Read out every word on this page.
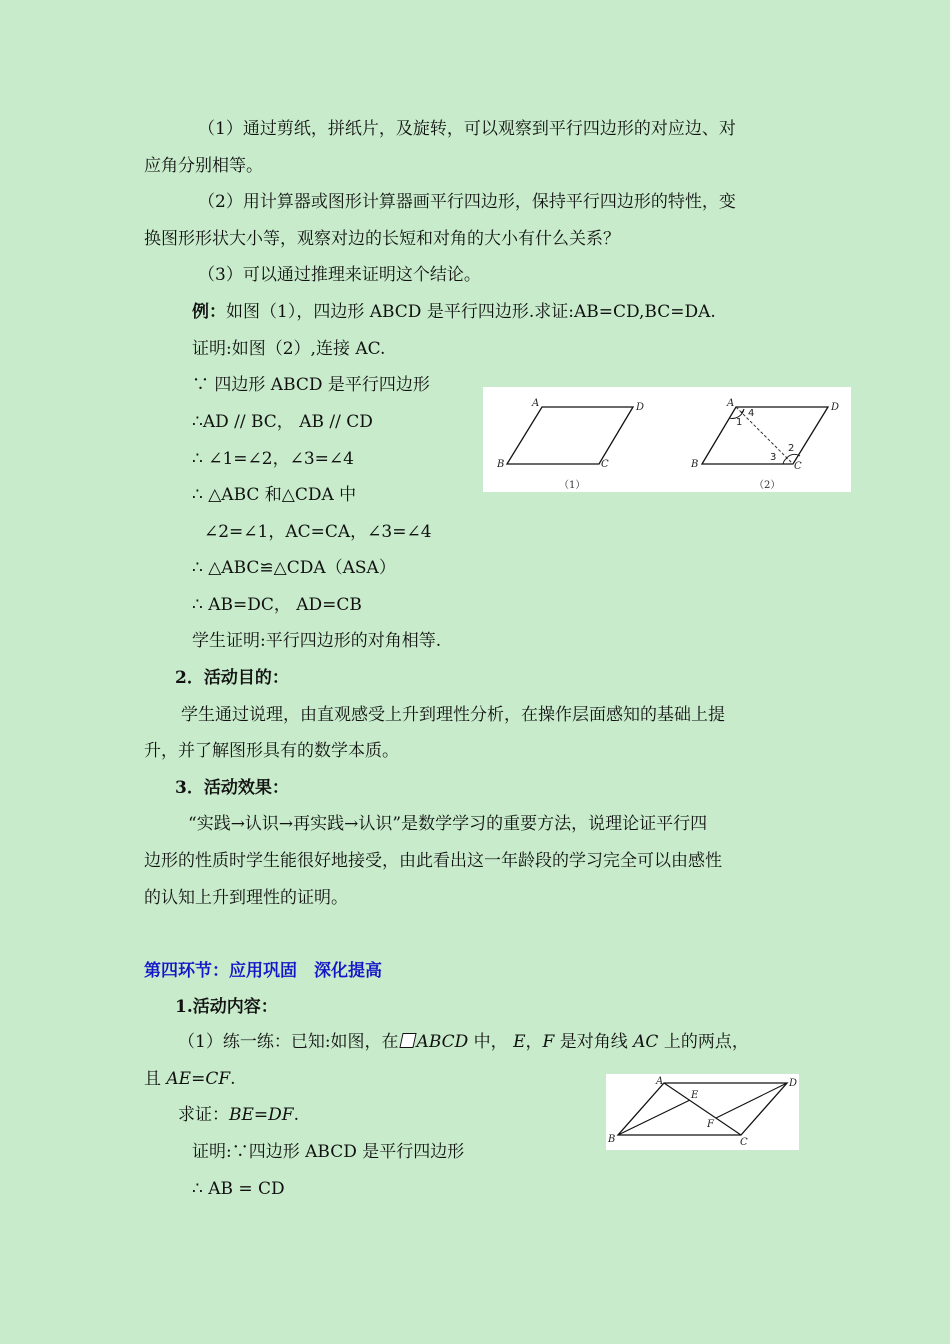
（1）通过剪纸，拼纸片，及旋转，可以观察到平行四边形的对应边、对
应角分别相等。
（2）用计算器或图形计算器画平行四边形，保持平行四边形的特性，变
换图形形状大小等，观察对边的长短和对角的大小有什么关系？
（3）可以通过推理来证明这个结论。
例：如图（1），四边形 ABCD 是平行四边形.求证:AB=CD,BC=DA.
证明:如图（2）,连接 AC.
∵ 四边形 ABCD 是平行四边形
∴AD // BC， AB // CD
∴ ∠1=∠2，∠3=∠4
∴ △ABC 和△CDA 中
∠2=∠1，AC=CA，∠3=∠4
∴ △ABC≌△CDA（ASA）
∴ AB=DC， AD=CB
学生证明:平行四边形的对角相等.
A	D
B	C
（1）
A	D
B	C
1
4
2
3
（2）
2．活动目的：
学生通过说理，由直观感受上升到理性分析，在操作层面感知的基础上提
升，并了解图形具有的数学本质。
3．活动效果：
“实践→认识→再实践→认识”是数学学习的重要方法，说理论证平行四
边形的性质时学生能很好地接受，由此看出这一年龄段的学习完全可以由感性
的认知上升到理性的证明。
第四环节：应用巩固　深化提高
1.活动内容：
（1）练一练：已知:如图，在 ABCD 中， E，F 是对角线 AC 上的两点，
且 AE=CF.
求证：BE=DF.
证明:∵四边形 ABCD 是平行四边形
∴ AB = CD
A	D
B	C
E
F
